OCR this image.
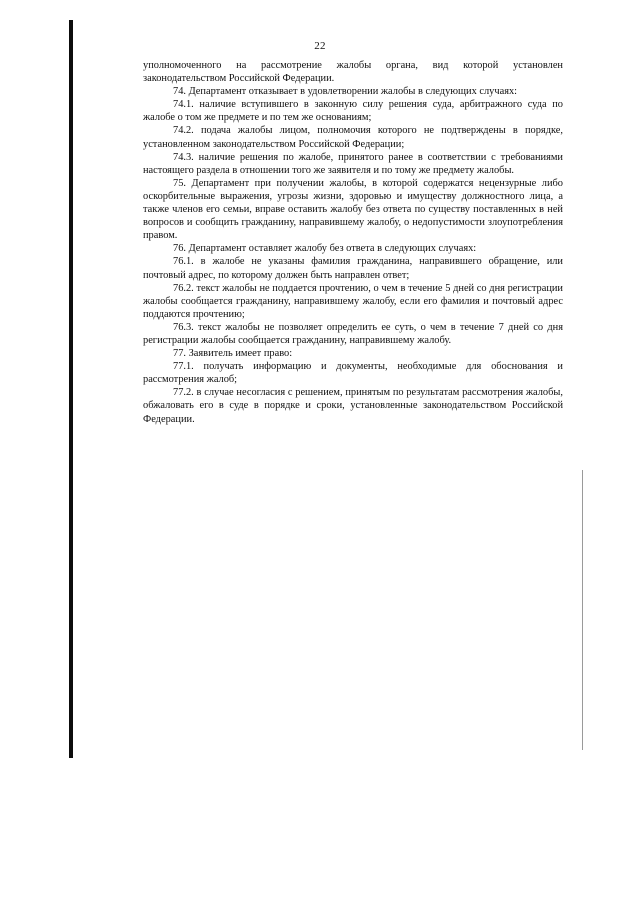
22

уполномоченного на рассмотрение жалобы органа, вид которой установлен законодательством Российской Федерации.

74. Департамент отказывает в удовлетворении жалобы в следующих случаях:

74.1. наличие вступившего в законную силу решения суда, арбитражного суда по жалобе о том же предмете и по тем же основаниям;

74.2. подача жалобы лицом, полномочия которого не подтверждены в порядке, установленном законодательством Российской Федерации;

74.3. наличие решения по жалобе, принятого ранее в соответствии с требованиями настоящего раздела в отношении того же заявителя и по тому же предмету жалобы.

75. Департамент при получении жалобы, в которой содержатся нецензурные либо оскорбительные выражения, угрозы жизни, здоровью и имуществу должностного лица, а также членов его семьи, вправе оставить жалобу без ответа по существу поставленных в ней вопросов и сообщить гражданину, направившему жалобу, о недопустимости злоупотребления правом.

76. Департамент оставляет жалобу без ответа в следующих случаях:

76.1. в жалобе не указаны фамилия гражданина, направившего обращение, или почтовый адрес, по которому должен быть направлен ответ;

76.2. текст жалобы не поддается прочтению, о чем в течение 5 дней со дня регистрации жалобы сообщается гражданину, направившему жалобу, если его фамилия и почтовый адрес поддаются прочтению;

76.3. текст жалобы не позволяет определить ее суть, о чем в течение 7 дней со дня регистрации жалобы сообщается гражданину, направившему жалобу.

77. Заявитель имеет право:

77.1. получать информацию и документы, необходимые для обоснования и рассмотрения жалоб;

77.2. в случае несогласия с решением, принятым по результатам рассмотрения жалобы, обжаловать его в суде в порядке и сроки, установленные законодательством Российской Федерации.
